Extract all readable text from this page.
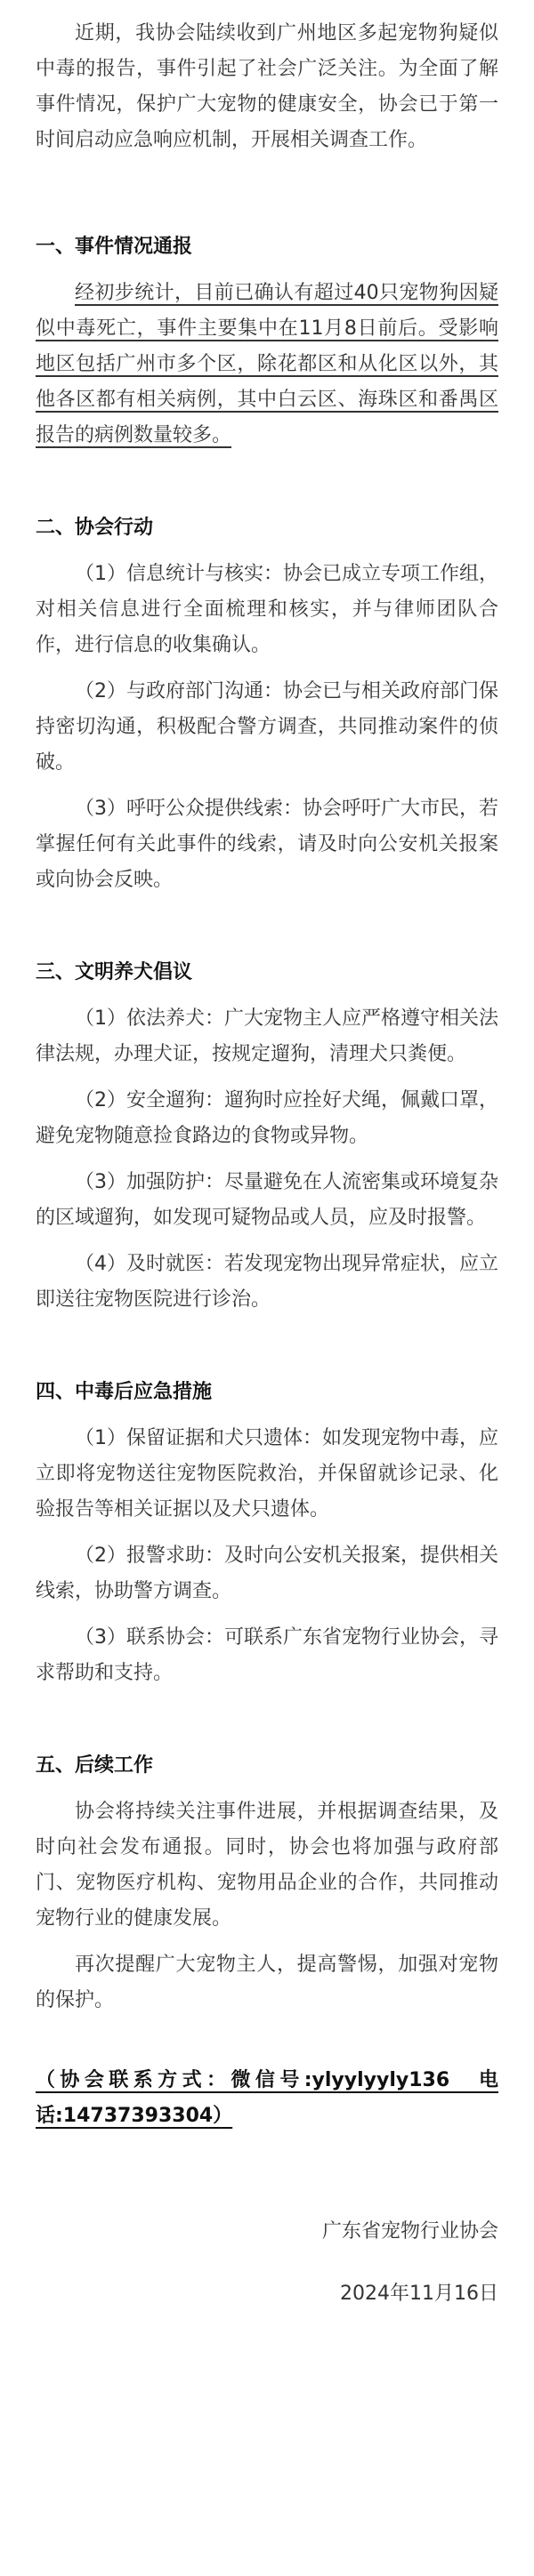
近期，我协会陆续收到广州地区多起宠物狗疑似中毒的报告，事件引起了社会广泛关注。为全面了解事件情况，保护广大宠物的健康安全，协会已于第一时间启动应急响应机制，开展相关调查工作。

一、事件情况通报

经初步统计，目前已确认有超过40只宠物狗因疑似中毒死亡，事件主要集中在11月8日前后。受影响地区包括广州市多个区，除花都区和从化区以外，其他各区都有相关病例，其中白云区、海珠区和番禺区报告的病例数量较多。

二、协会行动

（1）信息统计与核实：协会已成立专项工作组，对相关信息进行全面梳理和核实，并与律师团队合作，进行信息的收集确认。

（2）与政府部门沟通：协会已与相关政府部门保持密切沟通，积极配合警方调查，共同推动案件的侦破。

（3）呼吁公众提供线索：协会呼吁广大市民，若掌握任何有关此事件的线索，请及时向公安机关报案或向协会反映。

三、文明养犬倡议

（1）依法养犬：广大宠物主人应严格遵守相关法律法规，办理犬证，按规定遛狗，清理犬只粪便。

（2）安全遛狗：遛狗时应拴好犬绳，佩戴口罩，避免宠物随意捡食路边的食物或异物。

（3）加强防护：尽量避免在人流密集或环境复杂的区域遛狗，如发现可疑物品或人员，应及时报警。

（4）及时就医：若发现宠物出现异常症状，应立即送往宠物医院进行诊治。

四、中毒后应急措施

（1）保留证据和犬只遗体：如发现宠物中毒，应立即将宠物送往宠物医院救治，并保留就诊记录、化验报告等相关证据以及犬只遗体。

（2）报警求助：及时向公安机关报案，提供相关线索，协助警方调查。

（3）联系协会：可联系广东省宠物行业协会，寻求帮助和支持。

五、后续工作

协会将持续关注事件进展，并根据调查结果，及时向社会发布通报。同时，协会也将加强与政府部门、宠物医疗机构、宠物用品企业的合作，共同推动宠物行业的健康发展。

再次提醒广大宠物主人，提高警惕，加强对宠物的保护。

（协会联系方式：微信号:ylyylyyly136　电话:14737393304）

广东省宠物行业协会

2024年11月16日
